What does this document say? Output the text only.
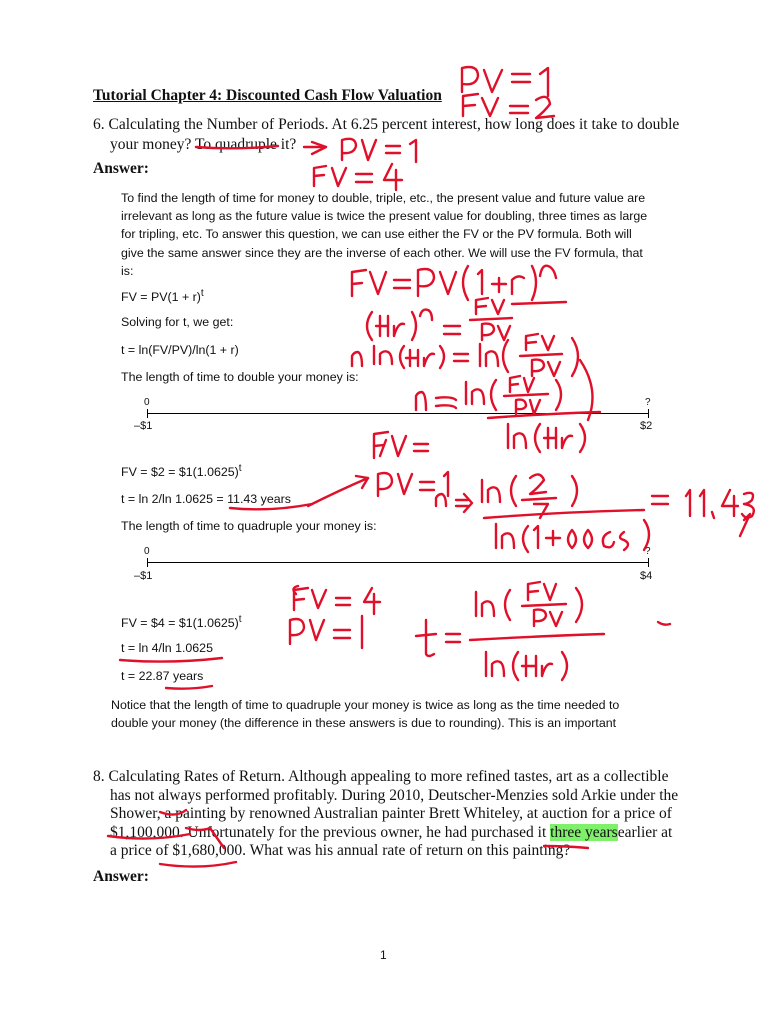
Tutorial Chapter 4: Discounted Cash Flow Valuation
6. Calculating the Number of Periods. At 6.25 percent interest, how long does it take to double
your money? To quadruple it?
Answer:
To find the length of time for money to double, triple, etc., the present value and future value are
irrelevant as long as the future value is twice the present value for doubling, three times as large
for tripling, etc. To answer this question, we can use either the FV or the PV formula. Both will
give the same answer since they are the inverse of each other. We will use the FV formula, that
is:
FV = $PV(1 + r)^t$
Solving for t, we get:
t = ln(FV/PV)/ln(1 + r)
The length of time to double your money is:
0	?
–$1	$2
FV = $2 = $\$1(1.0625)^t$
t = ln 2/ln 1.0625 = 11.43 years
The length of time to quadruple your money is:
0	?
–$1	$4
FV = $4 = $\$1(1.0625)^t$
t = ln 4/ln 1.0625
t = 22.87 years
Notice that the length of time to quadruple your money is twice as long as the time needed to
double your money (the difference in these answers is due to rounding). This is an important
8. Calculating Rates of Return. Although appealing to more refined tastes, art as a collectible
has not always performed profitably. During 2010, Deutscher-Menzies sold Arkie under the
Shower, a painting by renowned Australian painter Brett Whiteley, at auction for a price of
$1,100,000. Unfortunately for the previous owner, he had purchased it three yearsearlier at
a price of $1,680,000. What was his annual rate of return on this painting?
Answer:
1
